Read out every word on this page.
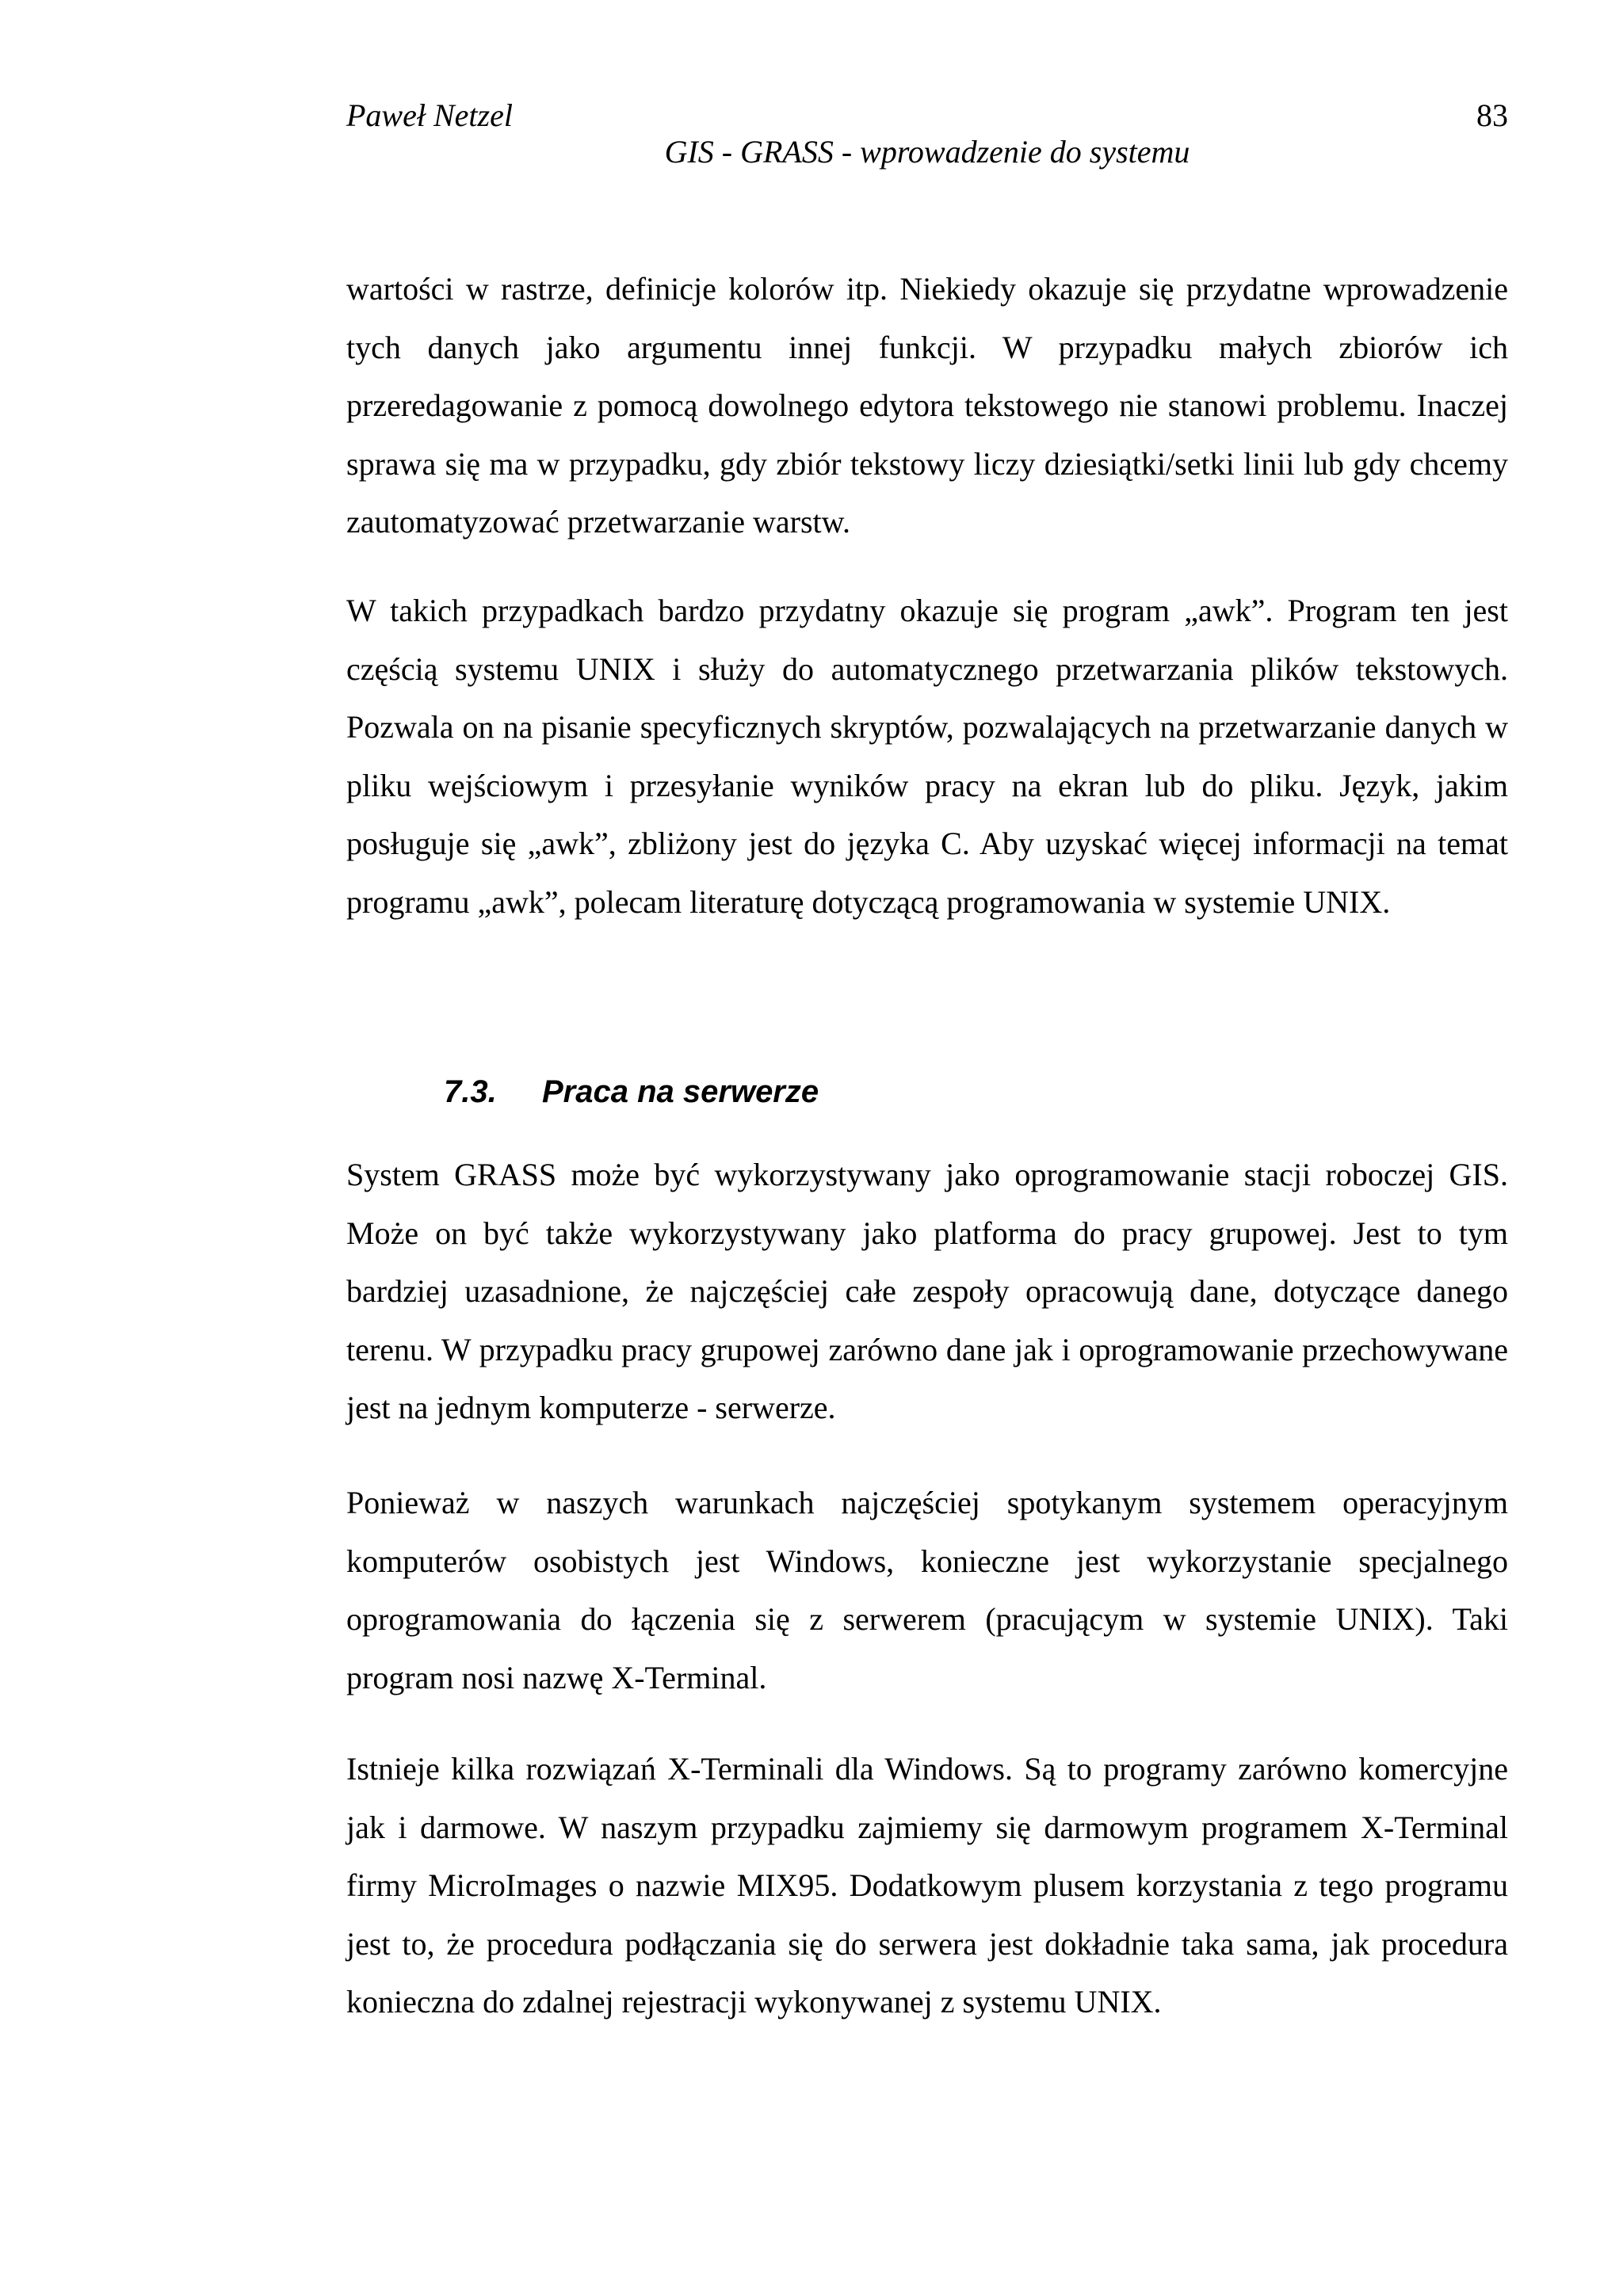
Paweł Netzel	83
GIS - GRASS - wprowadzenie do systemu

wartości w rastrze, definicje kolorów itp. Niekiedy okazuje się przydatne wprowadzenie tych danych jako argumentu innej funkcji. W przypadku małych zbiorów ich przeredagowanie z pomocą dowolnego edytora tekstowego nie stanowi problemu. Inaczej sprawa się ma w przypadku, gdy zbiór tekstowy liczy dziesiątki/setki linii lub gdy chcemy zautomatyzować przetwarzanie warstw.

W takich przypadkach bardzo przydatny okazuje się program „awk”. Program ten jest częścią systemu UNIX i służy do automatycznego przetwarzania plików tekstowych. Pozwala on na pisanie specyficznych skryptów, pozwalających na przetwarzanie danych w pliku wejściowym i przesyłanie wyników pracy na ekran lub do pliku. Język, jakim posługuje się „awk”, zbliżony jest do języka C. Aby uzyskać więcej informacji na temat programu „awk”, polecam literaturę dotyczącą programowania w systemie UNIX.

7.3. Praca na serwerze

System GRASS może być wykorzystywany jako oprogramowanie stacji roboczej GIS. Może on być także wykorzystywany jako platforma do pracy grupowej. Jest to tym bardziej uzasadnione, że najczęściej całe zespoły opracowują dane, dotyczące danego terenu. W przypadku pracy grupowej zarówno dane jak i oprogramowanie przechowywane jest na jednym komputerze - serwerze.

Ponieważ w naszych warunkach najczęściej spotykanym systemem operacyjnym komputerów osobistych jest Windows, konieczne jest wykorzystanie specjalnego oprogramowania do łączenia się z serwerem (pracującym w systemie UNIX). Taki program nosi nazwę X-Terminal.

Istnieje kilka rozwiązań X-Terminali dla Windows. Są to programy zarówno komercyjne jak i darmowe. W naszym przypadku zajmiemy się darmowym programem X-Terminal firmy MicroImages o nazwie MIX95. Dodatkowym plusem korzystania z tego programu jest to, że procedura podłączania się do serwera jest dokładnie taka sama, jak procedura konieczna do zdalnej rejestracji wykonywanej z systemu UNIX.
